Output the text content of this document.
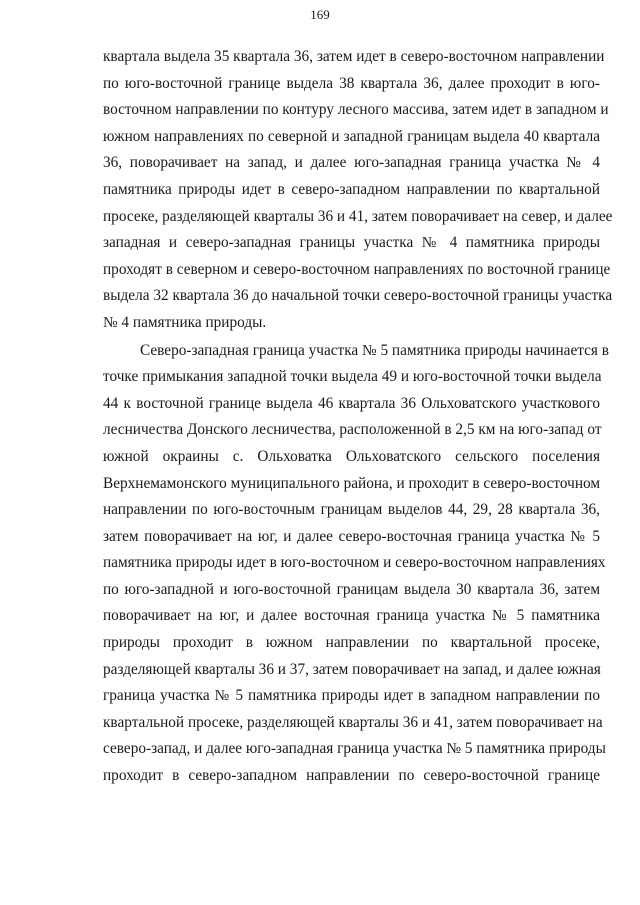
169
квартала выдела 35 квартала 36, затем идет в северо-восточном направлении
по юго-восточной границе выдела 38 квартала 36, далее проходит в юго-
восточном направлении по контуру лесного массива, затем идет в западном и
южном направлениях по северной и западной границам выдела 40 квартала
36, поворачивает на запад, и далее юго-западная граница участка № 4
памятника природы идет в северо-западном направлении по квартальной
просеке, разделяющей кварталы 36 и 41, затем поворачивает на север, и далее
западная и северо-западная границы участка № 4 памятника природы
проходят в северном и северо-восточном направлениях по восточной границе
выдела 32 квартала 36 до начальной точки северо-восточной границы участка
№ 4 памятника природы.
Северо-западная граница участка № 5 памятника природы начинается в
точке примыкания западной точки выдела 49 и юго-восточной точки выдела
44 к восточной границе выдела 46 квартала 36 Ольховатского участкового
лесничества Донского лесничества, расположенной в 2,5 км на юго-запад от
южной окраины с. Ольховатка Ольховатского сельского поселения
Верхнемамонского муниципального района, и проходит в северо-восточном
направлении по юго-восточным границам выделов 44, 29, 28 квартала 36,
затем поворачивает на юг, и далее северо-восточная граница участка № 5
памятника природы идет в юго-восточном и северо-восточном направлениях
по юго-западной и юго-восточной границам выдела 30 квартала 36, затем
поворачивает на юг, и далее восточная граница участка № 5 памятника
природы проходит в южном направлении по квартальной просеке,
разделяющей кварталы 36 и 37, затем поворачивает на запад, и далее южная
граница участка № 5 памятника природы идет в западном направлении по
квартальной просеке, разделяющей кварталы 36 и 41, затем поворачивает на
северо-запад, и далее юго-западная граница участка № 5 памятника природы
проходит в северо-западном направлении по северо-восточной границе
